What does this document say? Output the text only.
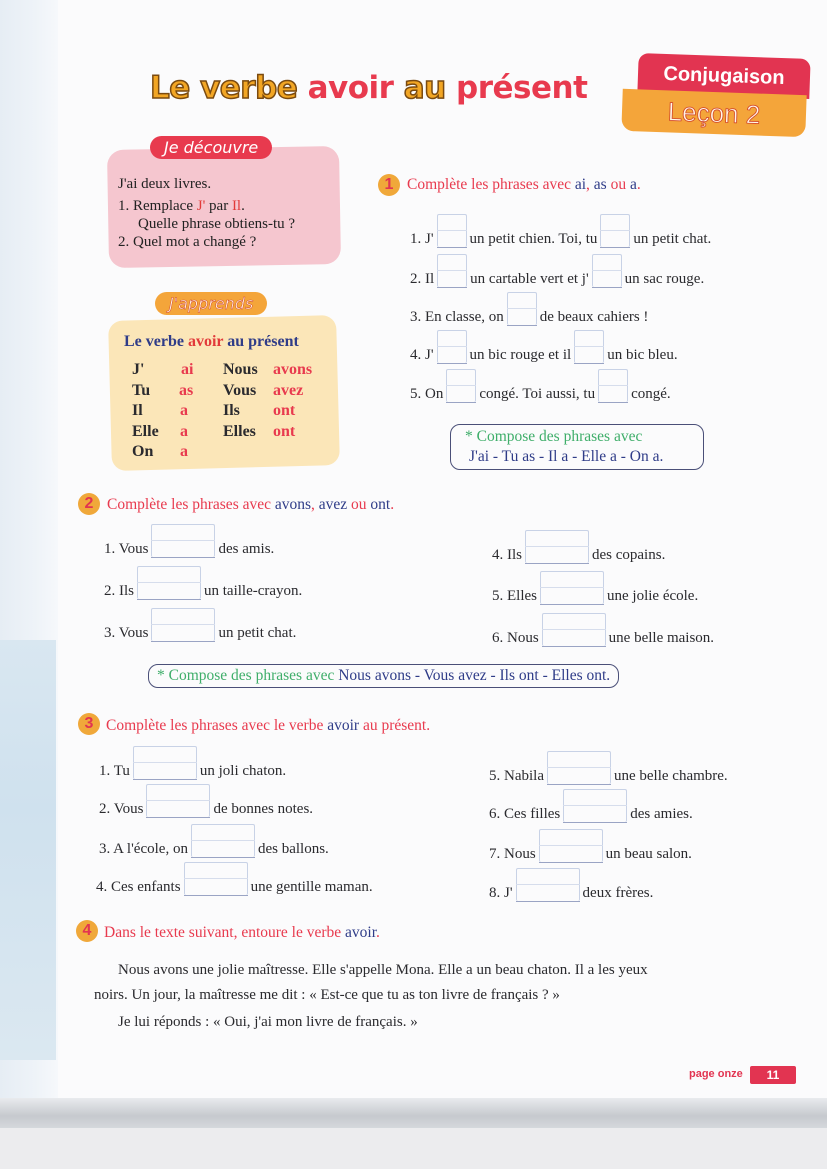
Le verbe avoir au présent	Conjugaison
Leçon 2
Je découvre
J'ai deux livres.
1. Remplace J' par Il.
Quelle phrase obtiens-tu ?
2. Quel mot a changé ?
J'apprends
Le verbe avoir au présent
J' ai Nous avons
Tu as Vous avez
Il a Ils ont
Elle a Elles ont
On a
1 Complète les phrases avec ai, as ou a.
1. J' un petit chien. Toi, tu un petit chat.
2. Il un cartable vert et j' un sac rouge.
3. En classe, on de beaux cahiers !
4. J' un bic rouge et il un bic bleu.
5. On congé. Toi aussi, tu congé.
* Compose des phrases avec
J'ai - Tu as - Il a - Elle a - On a.
2 Complète les phrases avec avons, avez ou ont.
1. Vous	des amis.
2. Ils	un taille-crayon.
3. Vous	un petit chat.
4. Ils	des copains.
5. Elles	une jolie école.
6. Nous	une belle maison.
* Compose des phrases avec Nous avons - Vous avez - Ils ont - Elles ont.
3 Complète les phrases avec le verbe avoir au présent.
1. Tu	un joli chaton.
2. Vous	de bonnes notes.
3. A l'école, on	des ballons.
4. Ces enfants	une gentille maman.
5. Nabila	une belle chambre.
6. Ces filles	des amies.
7. Nous	un beau salon.
8. J'	deux frères.
4 Dans le texte suivant, entoure le verbe avoir.
Nous avons une jolie maîtresse. Elle s'appelle Mona. Elle a un beau chaton. Il a les yeux
noirs. Un jour, la maîtresse me dit : « Est-ce que tu as ton livre de français ? »
Je lui réponds : « Oui, j'ai mon livre de français. »
page onze	11
